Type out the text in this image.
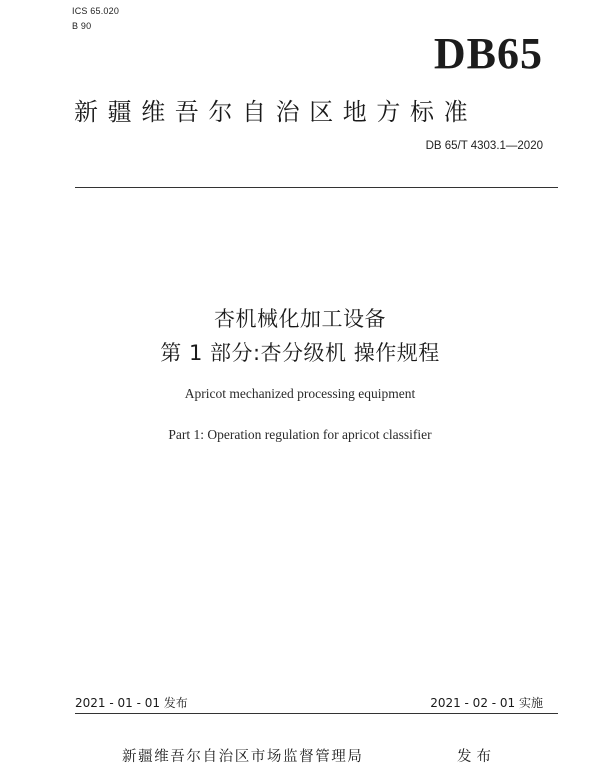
ICS 65.020
B 90
DB65
新疆维吾尔自治区地方标准
DB 65/T 4303.1—2020
杏机械化加工设备
第 1 部分:杏分级机 操作规程
Apricot mechanized processing equipment
Part 1: Operation regulation for apricot classifier
2021 - 01 - 01 发布	2021 - 02 - 01 实施
新疆维吾尔自治区市场监督管理局	发布
